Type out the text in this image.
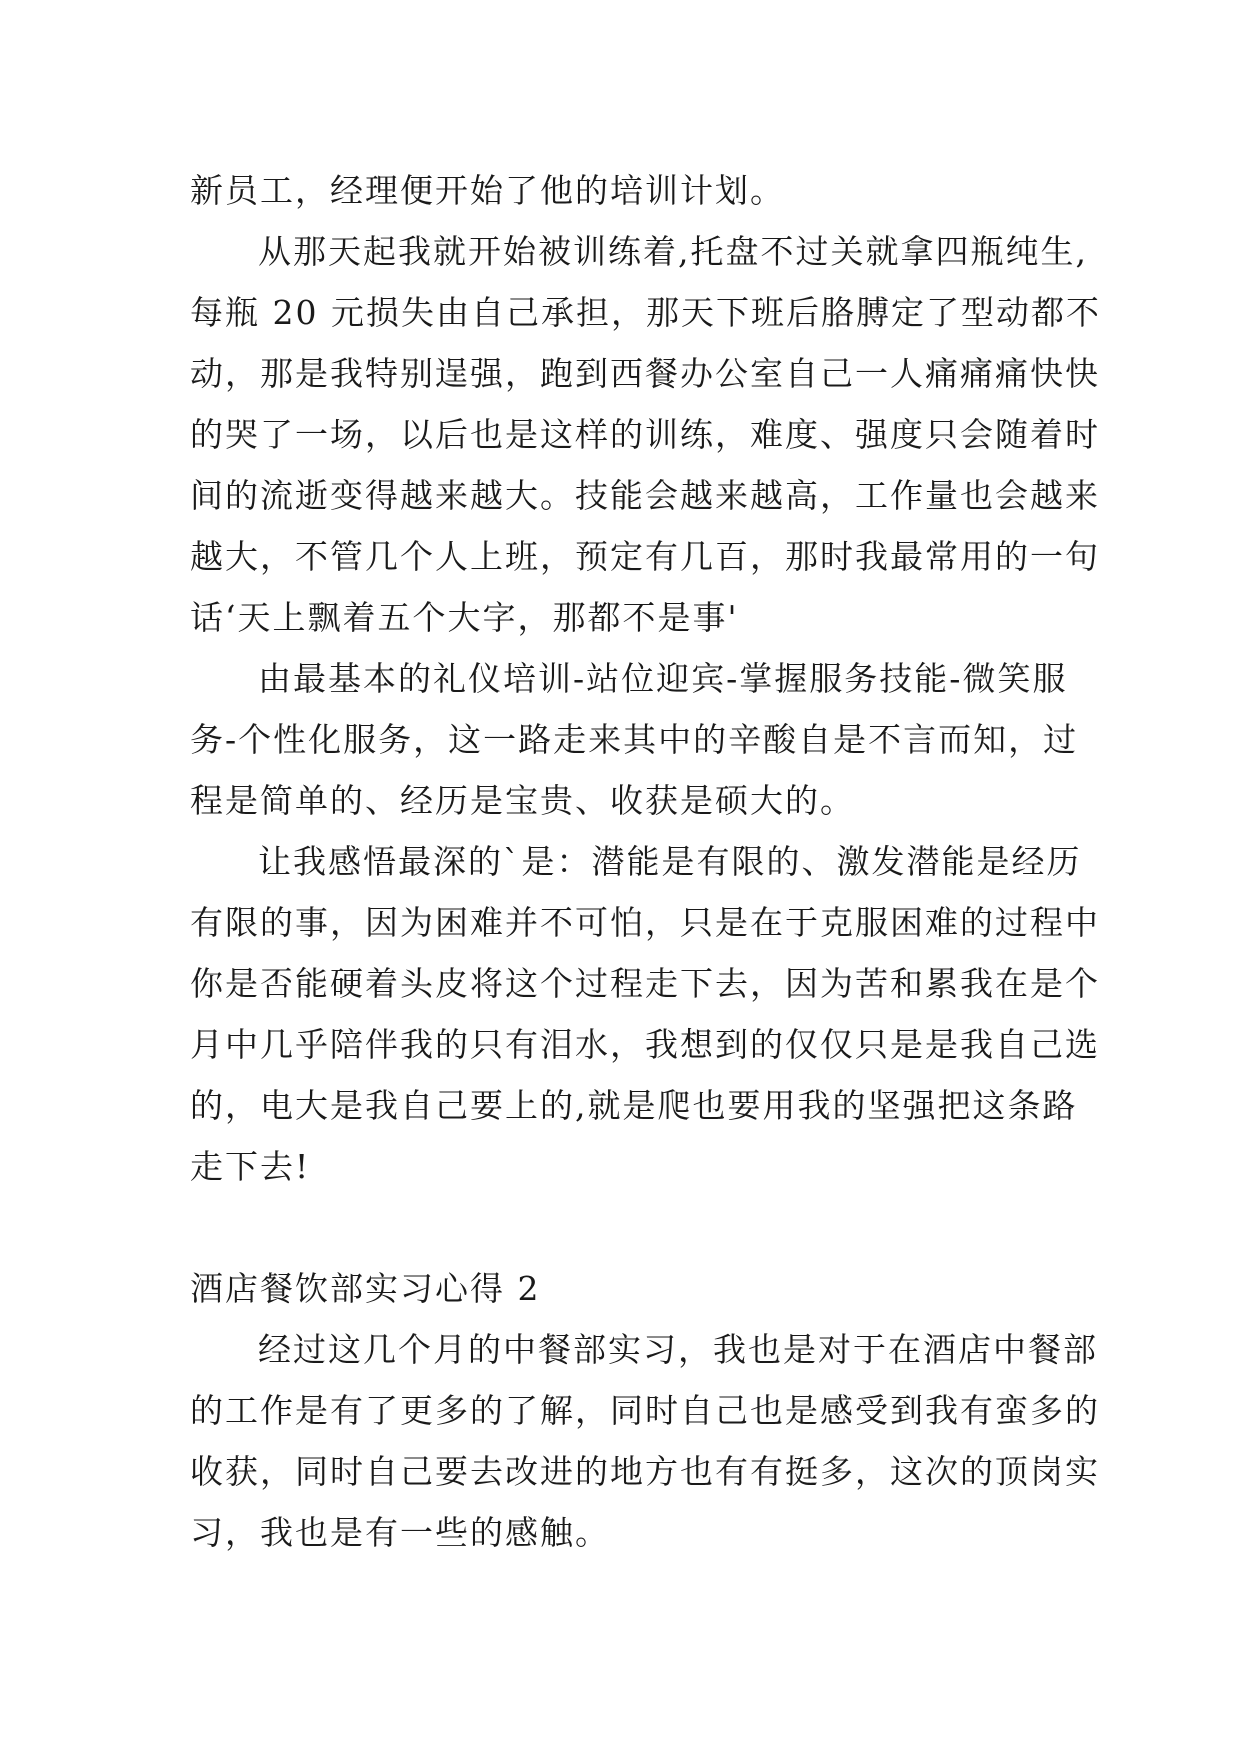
新员工，经理便开始了他的培训计划。
从那天起我就开始被训练着,托盘不过关就拿四瓶纯生,
每瓶 20 元损失由自己承担，那天下班后胳膊定了型动都不
动，那是我特别逞强，跑到西餐办公室自己一人痛痛痛快快
的哭了一场，以后也是这样的训练，难度、强度只会随着时
间的流逝变得越来越大。技能会越来越高，工作量也会越来
越大，不管几个人上班，预定有几百，那时我最常用的一句
话‘天上飘着五个大字，那都不是事'
由最基本的礼仪培训-站位迎宾-掌握服务技能-微笑服
务-个性化服务，这一路走来其中的辛酸自是不言而知，过
程是简单的、经历是宝贵、收获是硕大的。
让我感悟最深的`是：潜能是有限的、激发潜能是经历
有限的事，因为困难并不可怕，只是在于克服困难的过程中
你是否能硬着头皮将这个过程走下去，因为苦和累我在是个
月中几乎陪伴我的只有泪水，我想到的仅仅只是是我自己选
的，电大是我自己要上的,就是爬也要用我的坚强把这条路
走下去!
酒店餐饮部实习心得 2
经过这几个月的中餐部实习，我也是对于在酒店中餐部
的工作是有了更多的了解，同时自己也是感受到我有蛮多的
收获，同时自己要去改进的地方也有有挺多，这次的顶岗实
习，我也是有一些的感触。
